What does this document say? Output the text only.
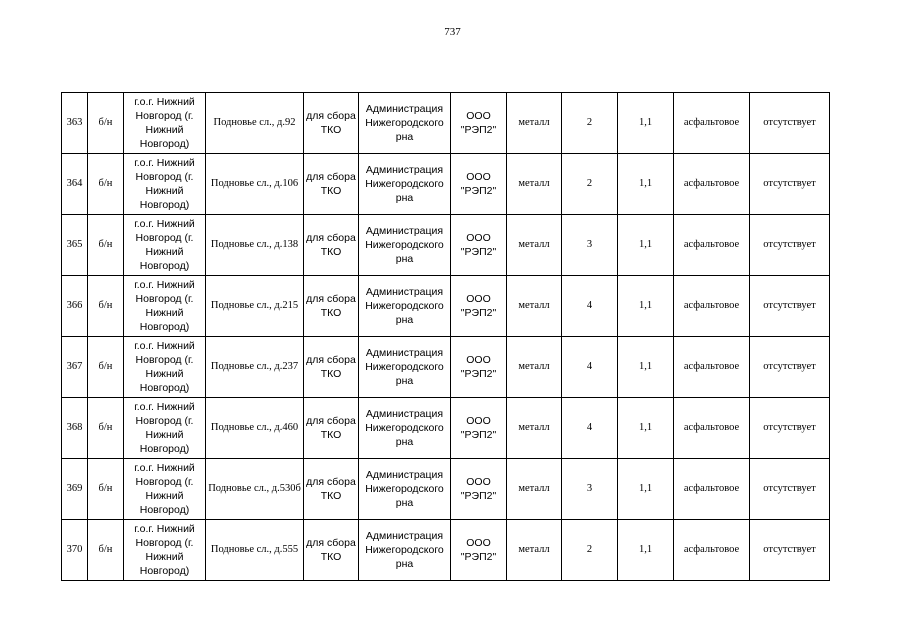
737
363	б/н	г.о.г. Нижний Новгород (г. Нижний Новгород)	Подновье сл., д.92	для сбора ТКО	Администрация Нижегородского рна	ООО "РЭП2"	металл	2	1,1	асфальтовое	отсутствует
364	б/н	г.о.г. Нижний Новгород (г. Нижний Новгород)	Подновье сл., д.106	для сбора ТКО	Администрация Нижегородского рна	ООО "РЭП2"	металл	2	1,1	асфальтовое	отсутствует
365	б/н	г.о.г. Нижний Новгород (г. Нижний Новгород)	Подновье сл., д.138	для сбора ТКО	Администрация Нижегородского рна	ООО "РЭП2"	металл	3	1,1	асфальтовое	отсутствует
366	б/н	г.о.г. Нижний Новгород (г. Нижний Новгород)	Подновье сл., д.215	для сбора ТКО	Администрация Нижегородского рна	ООО "РЭП2"	металл	4	1,1	асфальтовое	отсутствует
367	б/н	г.о.г. Нижний Новгород (г. Нижний Новгород)	Подновье сл., д.237	для сбора ТКО	Администрация Нижегородского рна	ООО "РЭП2"	металл	4	1,1	асфальтовое	отсутствует
368	б/н	г.о.г. Нижний Новгород (г. Нижний Новгород)	Подновье сл., д.460	для сбора ТКО	Администрация Нижегородского рна	ООО "РЭП2"	металл	4	1,1	асфальтовое	отсутствует
369	б/н	г.о.г. Нижний Новгород (г. Нижний Новгород)	Подновье сл., д.530б	для сбора ТКО	Администрация Нижегородского рна	ООО "РЭП2"	металл	3	1,1	асфальтовое	отсутствует
370	б/н	г.о.г. Нижний Новгород (г. Нижний Новгород)	Подновье сл., д.555	для сбора ТКО	Администрация Нижегородского рна	ООО "РЭП2"	металл	2	1,1	асфальтовое	отсутствует
